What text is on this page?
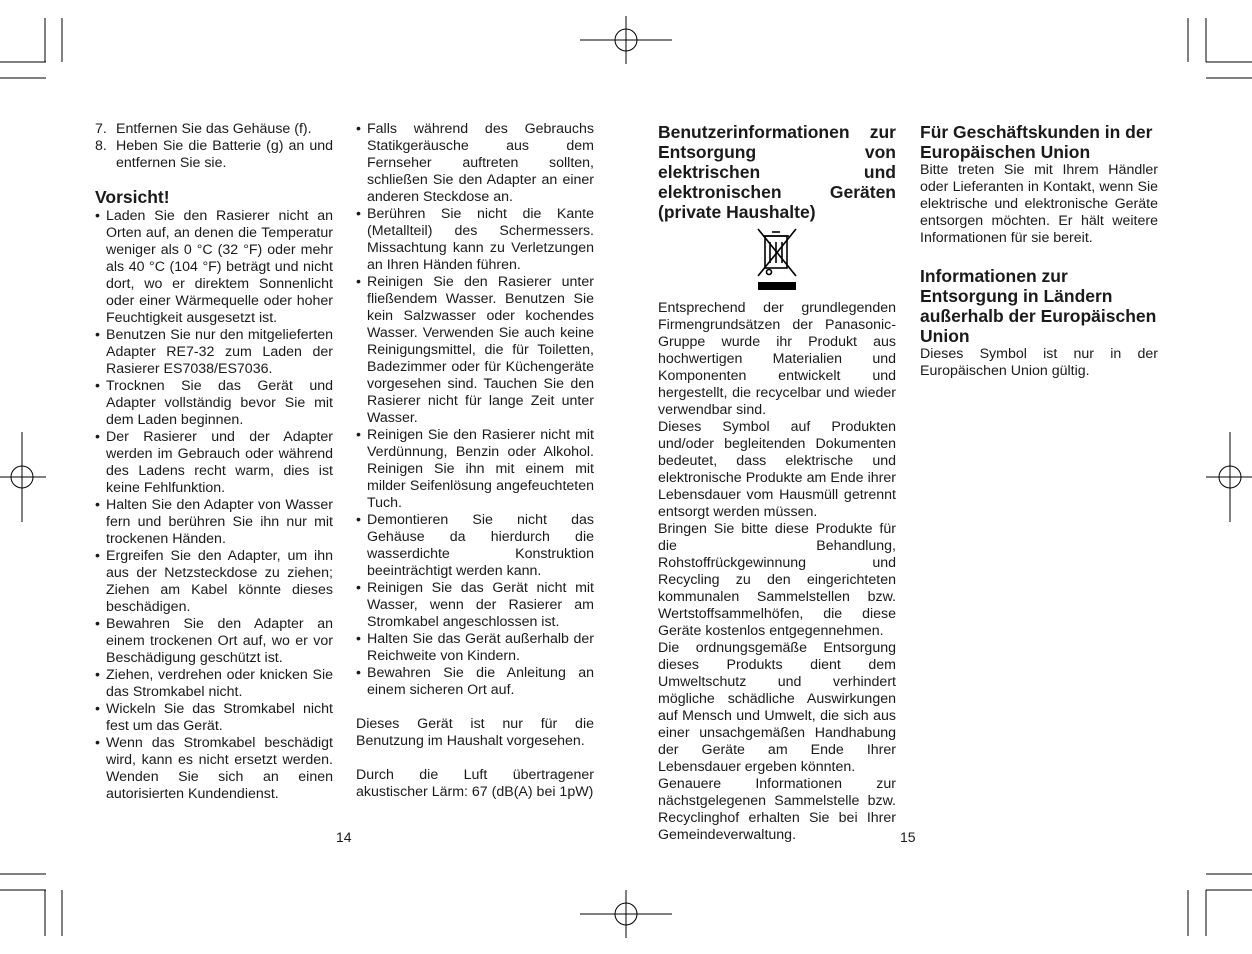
7. Entfernen Sie das Gehäuse (f).
8. Heben Sie die Batterie (g) an und entfernen Sie sie.
Vorsicht!
• Laden Sie den Rasierer nicht an Orten auf, an denen die Temperatur weniger als 0 °C (32 °F) oder mehr als 40 °C (104 °F) beträgt und nicht dort, wo er direktem Sonnenlicht oder einer Wärmequelle oder hoher Feuchtigkeit ausgesetzt ist.
• Benutzen Sie nur den mitgelieferten Adapter RE7-32 zum Laden der Rasierer ES7038/ES7036.
• Trocknen Sie das Gerät und Adapter vollständig bevor Sie mit dem Laden beginnen.
• Der Rasierer und der Adapter werden im Gebrauch oder während des Ladens recht warm, dies ist keine Fehlfunktion.
• Halten Sie den Adapter von Wasser fern und berühren Sie ihn nur mit trockenen Händen.
• Ergreifen Sie den Adapter, um ihn aus der Netzsteckdose zu ziehen; Ziehen am Kabel könnte dieses beschädigen.
• Bewahren Sie den Adapter an einem trockenen Ort auf, wo er vor Beschädigung geschützt ist.
• Ziehen, verdrehen oder knicken Sie das Stromkabel nicht.
• Wickeln Sie das Stromkabel nicht fest um das Gerät.
• Wenn das Stromkabel beschädigt wird, kann es nicht ersetzt werden. Wenden Sie sich an einen autorisierten Kundendienst.
• Falls während des Gebrauchs Statikgeräusche aus dem Fernseher auftreten sollten, schließen Sie den Adapter an einer anderen Steckdose an.
• Berühren Sie nicht die Kante (Metallteil) des Schermessers. Missachtung kann zu Verletzungen an Ihren Händen führen.
• Reinigen Sie den Rasierer unter fließendem Wasser. Benutzen Sie kein Salzwasser oder kochendes Wasser. Verwenden Sie auch keine Reinigungsmittel, die für Toiletten, Badezimmer oder für Küchengeräte vorgesehen sind. Tauchen Sie den Rasierer nicht für lange Zeit unter Wasser.
• Reinigen Sie den Rasierer nicht mit Verdünnung, Benzin oder Alkohol. Reinigen Sie ihn mit einem mit milder Seifenlösung angefeuchteten Tuch.
• Demontieren Sie nicht das Gehäuse da hierdurch die wasserdichte Konstruktion beeinträchtigt werden kann.
• Reinigen Sie das Gerät nicht mit Wasser, wenn der Rasierer am Stromkabel angeschlossen ist.
• Halten Sie das Gerät außerhalb der Reichweite von Kindern.
• Bewahren Sie die Anleitung an einem sicheren Ort auf.

Dieses Gerät ist nur für die Benutzung im Haushalt vorgesehen.

Durch die Luft übertragener akustischer Lärm: 67 (dB(A) bei 1pW)

14
Benutzerinformationen zur Entsorgung von elektrischen und elektronischen Geräten (private Haushalte)

Entsprechend der grundlegenden Firmengrundsätzen der Panasonic-Gruppe wurde ihr Produkt aus hochwertigen Materialien und Komponenten entwickelt und hergestellt, die recycelbar und wieder verwendbar sind.

Dieses Symbol auf Produkten und/oder begleitenden Dokumenten bedeutet, dass elektrische und elektronische Produkte am Ende ihrer Lebensdauer vom Hausmüll getrennt entsorgt werden müssen.

Bringen Sie bitte diese Produkte für die Behandlung, Rohstoffrückgewinnung und Recycling zu den eingerichteten kommunalen Sammelstellen bzw. Wertstoffsammelhöfen, die diese Geräte kostenlos entgegennehmen.

Die ordnungsgemäße Entsorgung dieses Produkts dient dem Umweltschutz und verhindert mögliche schädliche Auswirkungen auf Mensch und Umwelt, die sich aus einer unsachgemäßen Handhabung der Geräte am Ende Ihrer Lebensdauer ergeben könnten.

Genauere Informationen zur nächstgelegenen Sammelstelle bzw. Recyclinghof erhalten Sie bei Ihrer Gemeindeverwaltung.

Für Geschäftskunden in der Europäischen Union

Bitte treten Sie mit Ihrem Händler oder Lieferanten in Kontakt, wenn Sie elektrische und elektronische Geräte entsorgen möchten. Er hält weitere Informationen für sie bereit.

Informationen zur Entsorgung in Ländern außerhalb der Europäischen Union

Dieses Symbol ist nur in der Europäischen Union gültig.

15
